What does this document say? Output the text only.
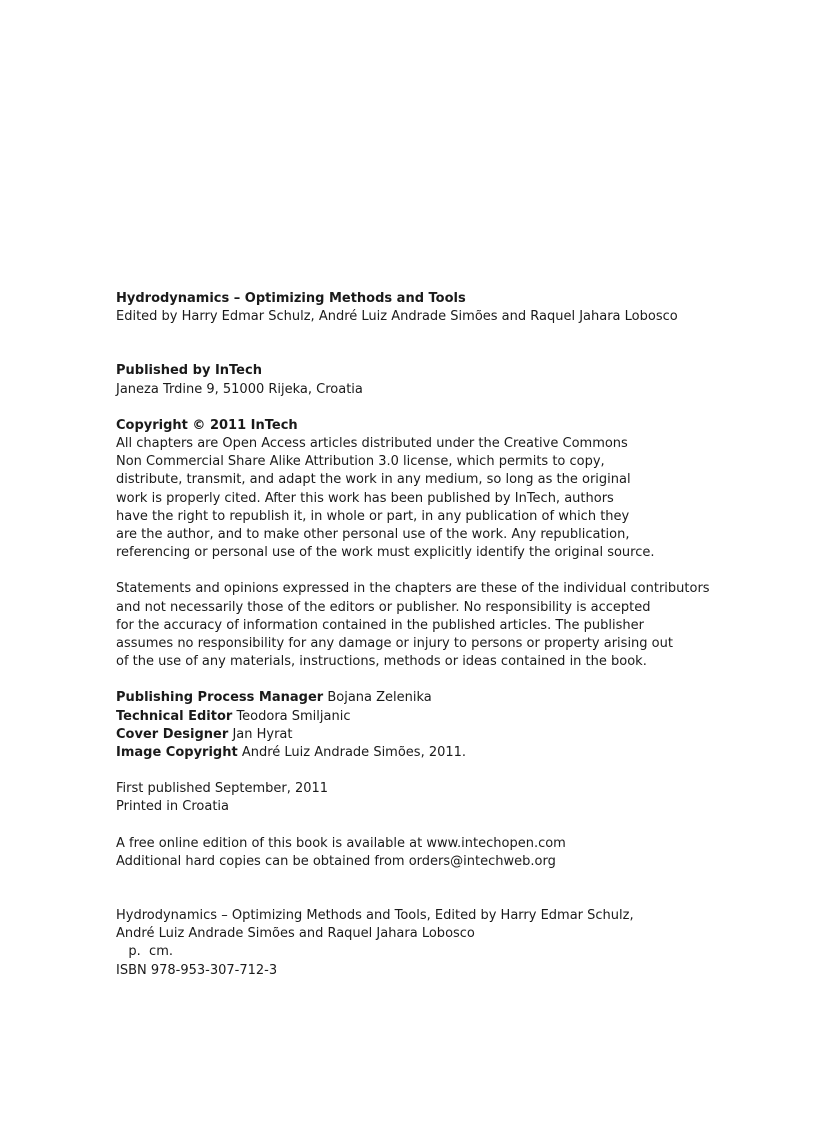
Hydrodynamics – Optimizing Methods and Tools
Edited by Harry Edmar Schulz, André Luiz Andrade Simões and Raquel Jahara Lobosco
Published by InTech
Janeza Trdine 9, 51000 Rijeka, Croatia
Copyright © 2011 InTech
All chapters are Open Access articles distributed under the Creative Commons
Non Commercial Share Alike Attribution 3.0 license, which permits to copy,
distribute, transmit, and adapt the work in any medium, so long as the original
work is properly cited. After this work has been published by InTech, authors
have the right to republish it, in whole or part, in any publication of which they
are the author, and to make other personal use of the work. Any republication,
referencing or personal use of the work must explicitly identify the original source.
Statements and opinions expressed in the chapters are these of the individual contributors
and not necessarily those of the editors or publisher. No responsibility is accepted
for the accuracy of information contained in the published articles. The publisher
assumes no responsibility for any damage or injury to persons or property arising out
of the use of any materials, instructions, methods or ideas contained in the book.
Publishing Process Manager Bojana Zelenika
Technical Editor Teodora Smiljanic
Cover Designer Jan Hyrat
Image Copyright André Luiz Andrade Simões, 2011.
First published September, 2011
Printed in Croatia
A free online edition of this book is available at www.intechopen.com
Additional hard copies can be obtained from orders@intechweb.org
Hydrodynamics – Optimizing Methods and Tools, Edited by Harry Edmar Schulz,
André Luiz Andrade Simões and Raquel Jahara Lobosco
p.  cm.
ISBN 978-953-307-712-3
